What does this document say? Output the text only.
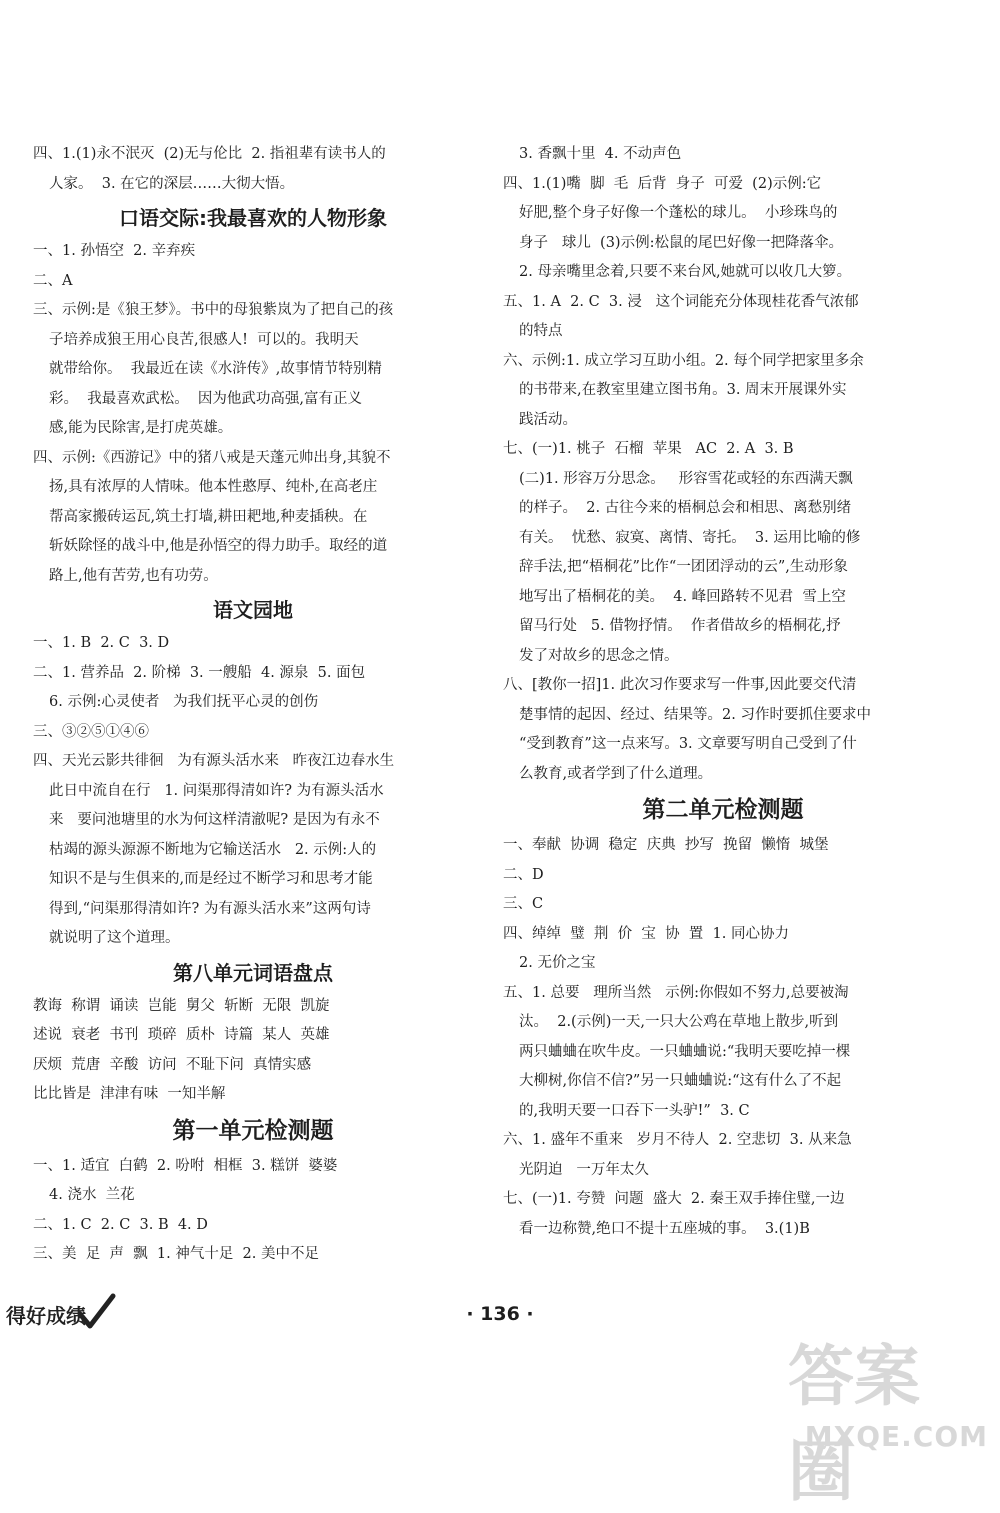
四、1.(1)永不泯灭  (2)无与伦比  2. 指祖辈有读书人的
人家。  3. 在它的深层……大彻大悟。
口语交际:我最喜欢的人物形象
一、1. 孙悟空  2. 辛弃疾
二、A
三、示例:是《狼王梦》。书中的母狼紫岚为了把自己的孩
子培养成狼王用心良苦,很感人!  可以的。我明天
就带给你。  我最近在读《水浒传》,故事情节特别精
彩。  我最喜欢武松。  因为他武功高强,富有正义
感,能为民除害,是打虎英雄。
四、示例:《西游记》中的猪八戒是天蓬元帅出身,其貌不
扬,具有浓厚的人情味。他本性憨厚、纯朴,在高老庄
帮高家搬砖运瓦,筑土打墙,耕田耙地,种麦插秧。在
斩妖除怪的战斗中,他是孙悟空的得力助手。取经的道
路上,他有苦劳,也有功劳。
语文园地
一、1. B  2. C  3. D
二、1. 营养品  2. 阶梯  3. 一艘船  4. 源泉  5. 面包
6. 示例:心灵使者   为我们抚平心灵的创伤
三、③②⑤①④⑥
四、天光云影共徘徊   为有源头活水来   昨夜江边春水生
此日中流自在行   1. 问渠那得清如许? 为有源头活水
来   要问池塘里的水为何这样清澈呢? 是因为有永不
枯竭的源头源源不断地为它输送活水   2. 示例:人的
知识不是与生俱来的,而是经过不断学习和思考才能
得到,“问渠那得清如许? 为有源头活水来”这两句诗
就说明了这个道理。
第八单元词语盘点
教诲  称谓  诵读  岂能  舅父  斩断  无限  凯旋
述说  衰老  书刊  琐碎  质朴  诗篇  某人  英雄
厌烦  荒唐  辛酸  访问  不耻下问  真情实感
比比皆是  津津有味  一知半解
第一单元检测题
一、1. 适宜  白鹤  2. 吩咐  相框  3. 糕饼  婆婆
4. 浇水  兰花
二、1. C  2. C  3. B  4. D
三、美  足  声  飘  1. 神气十足  2. 美中不足
3. 香飘十里  4. 不动声色
四、1.(1)嘴  脚  毛  后背  身子  可爱  (2)示例:它
好肥,整个身子好像一个蓬松的球儿。  小珍珠鸟的
身子   球儿  (3)示例:松鼠的尾巴好像一把降落伞。
2. 母亲嘴里念着,只要不来台风,她就可以收几大箩。
五、1. A  2. C  3. 浸   这个词能充分体现桂花香气浓郁
的特点
六、示例:1. 成立学习互助小组。2. 每个同学把家里多余
的书带来,在教室里建立图书角。3. 周末开展课外实
践活动。
七、(一)1. 桃子  石榴  苹果   AC  2. A  3. B
(二)1. 形容万分思念。   形容雪花或轻的东西满天飘
的样子。  2. 古往今来的梧桐总会和相思、离愁别绪
有关。  忧愁、寂寞、离情、寄托。  3. 运用比喻的修
辞手法,把“梧桐花”比作“一团团浮动的云”,生动形象
地写出了梧桐花的美。  4. 峰回路转不见君  雪上空
留马行处   5. 借物抒情。  作者借故乡的梧桐花,抒
发了对故乡的思念之情。
八、[教你一招]1. 此次习作要求写一件事,因此要交代清
楚事情的起因、经过、结果等。2. 习作时要抓住要求中
“受到教育”这一点来写。3. 文章要写明自己受到了什
么教育,或者学到了什么道理。
第二单元检测题
一、奉献  协调  稳定  庆典  抄写  挽留  懒惰  城堡
二、D
三、C
四、绰绰  璧  荆  价  宝  协  置  1. 同心协力
2. 无价之宝
五、1. 总要   理所当然   示例:你假如不努力,总要被淘
汰。  2.(示例)一天,一只大公鸡在草地上散步,听到
两只蛐蛐在吹牛皮。一只蛐蛐说:“我明天要吃掉一棵
大柳树,你信不信?”另一只蛐蛐说:“这有什么了不起
的,我明天要一口吞下一头驴!”  3. C
六、1. 盛年不重来   岁月不待人  2. 空悲切  3. 从来急
光阴迫   一万年太久
七、(一)1. 夸赞  问题  盛大  2. 秦王双手捧住璧,一边
看一边称赞,绝口不提十五座城的事。  3.(1)B
· 136 ·
得好成绩
答案圈
MXQE.COM
